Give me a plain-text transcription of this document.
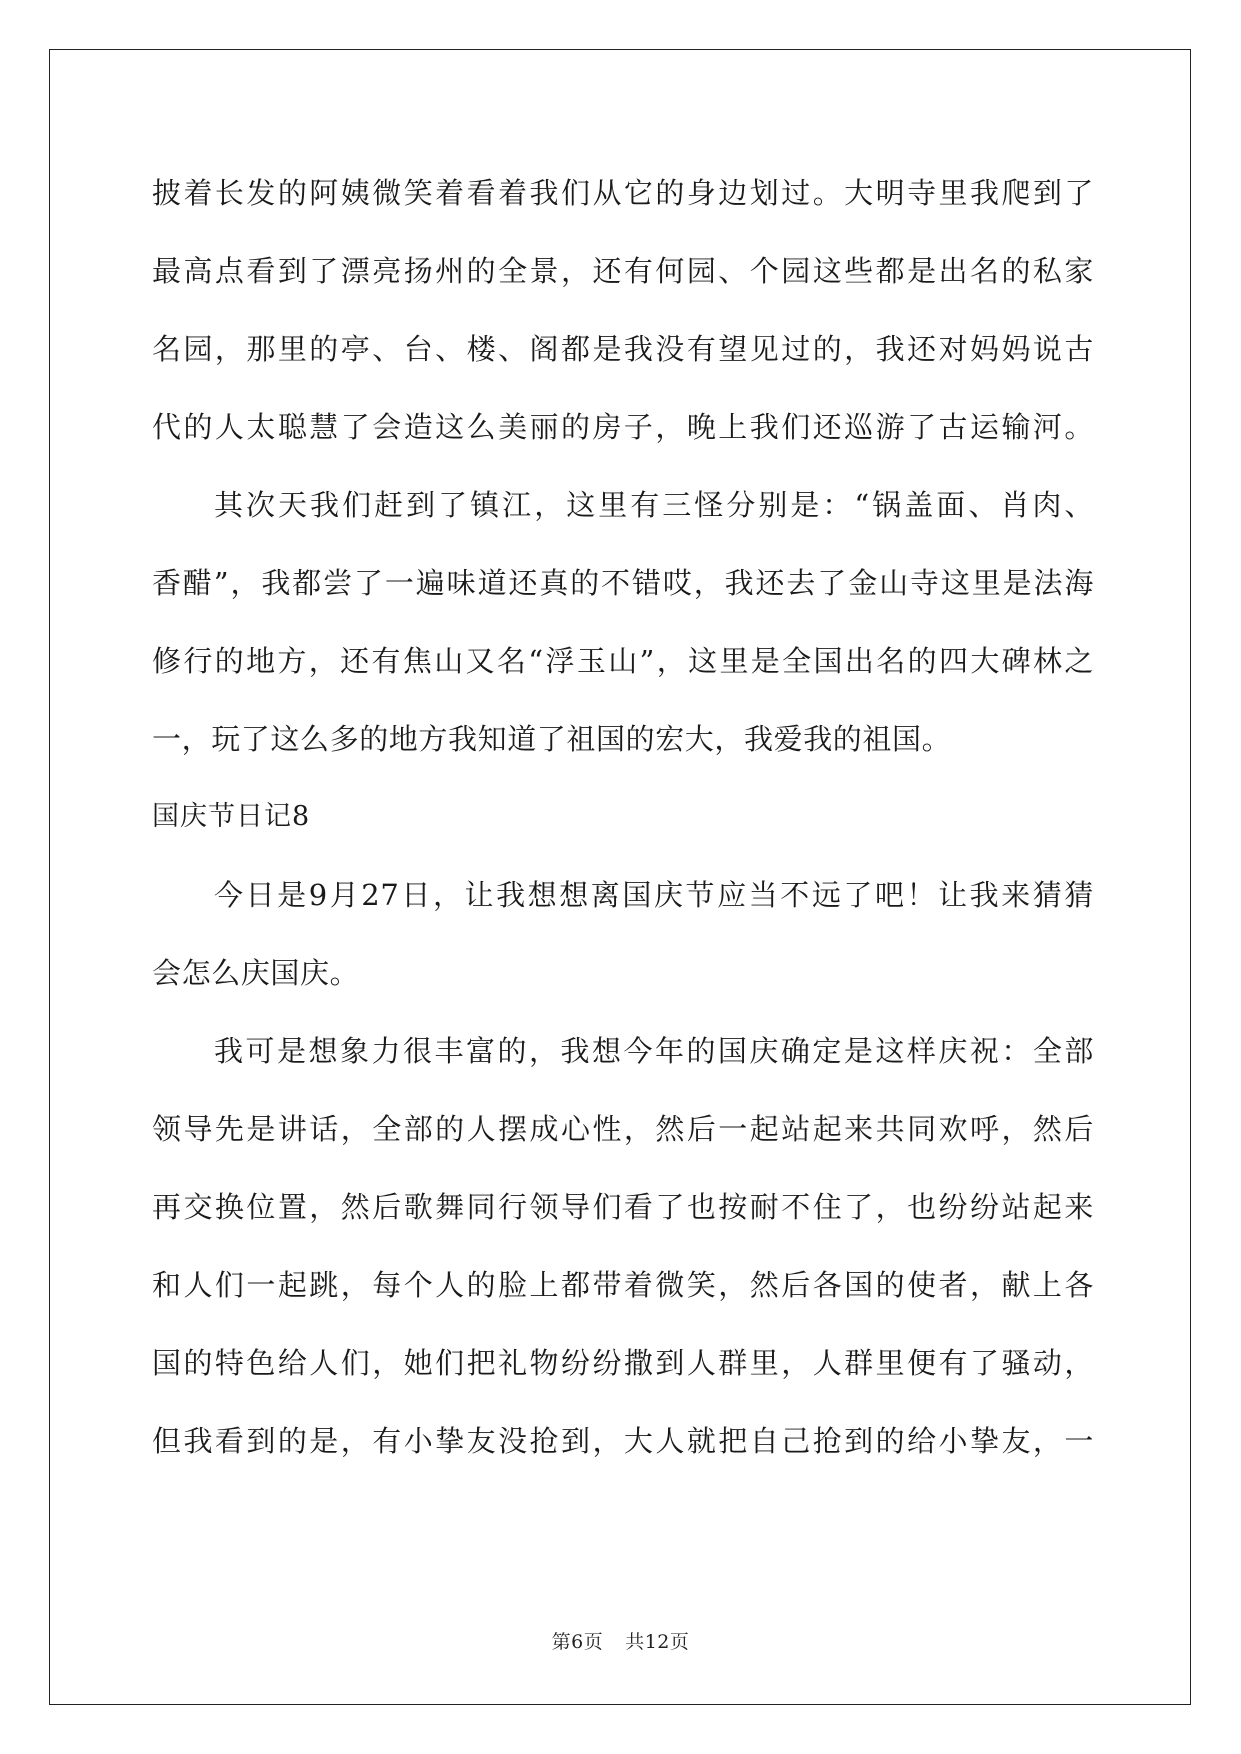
披着长发的阿姨微笑着看着我们从它的身边划过。大明寺里我爬到了
最高点看到了漂亮扬州的全景，还有何园、个园这些都是出名的私家
名园，那里的亭、台、楼、阁都是我没有望见过的，我还对妈妈说古
代的人太聪慧了会造这么美丽的房子，晚上我们还巡游了古运输河。
其次天我们赶到了镇江，这里有三怪分别是：“锅盖面、肖肉、
香醋”，我都尝了一遍味道还真的不错哎，我还去了金山寺这里是法海
修行的地方，还有焦山又名“浮玉山”，这里是全国出名的四大碑林之
一，玩了这么多的地方我知道了祖国的宏大，我爱我的祖国。
国庆节日记8
今日是9月27日，让我想想离国庆节应当不远了吧！让我来猜猜
会怎么庆国庆。
我可是想象力很丰富的，我想今年的国庆确定是这样庆祝：全部
领导先是讲话，全部的人摆成心性，然后一起站起来共同欢呼，然后
再交换位置，然后歌舞同行领导们看了也按耐不住了，也纷纷站起来
和人们一起跳，每个人的脸上都带着微笑，然后各国的使者，献上各
国的特色给人们，她们把礼物纷纷撒到人群里，人群里便有了骚动，
但我看到的是，有小挚友没抢到，大人就把自己抢到的给小挚友，一
第6页 共12页
